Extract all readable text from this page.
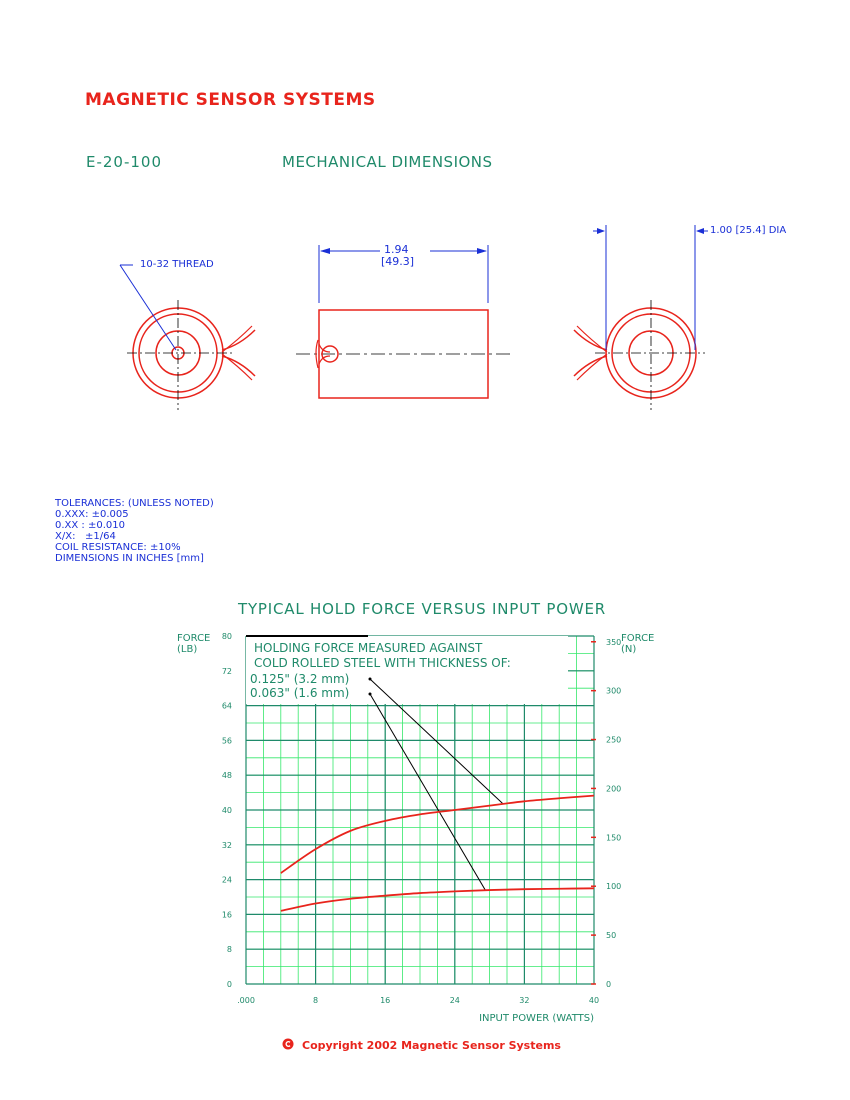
MAGNETIC SENSOR SYSTEMS
E-20-100	MECHANICAL DIMENSIONS
10-32 THREAD
1.94
[49.3]
1.00 [25.4] DIA
TOLERANCES: (UNLESS NOTED)
0.XXX: ±0.005
0.XX : ±0.010
X/X:   ±1/64
COIL RESISTANCE: ±10%
DIMENSIONS IN INCHES [mm]
TYPICAL HOLD FORCE VERSUS INPUT POWER
0
8
16
24
32
40
48
56
64
72
80
.000	8	16	24	32	40
0
50
100
150
200
250
300
350
FORCE
(LB)
FORCE
(N)
INPUT POWER (WATTS)
HOLDING FORCE MEASURED AGAINST
COLD ROLLED STEEL WITH THICKNESS OF:
0.125" (3.2 mm)
0.063" (1.6 mm)
Copyright 2002 Magnetic Sensor Systems
